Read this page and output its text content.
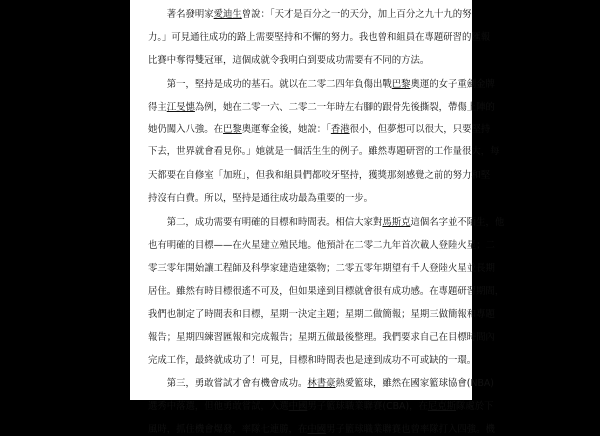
　　著名發明家愛迪生曾說：「天才是百分之一的天分，加上百分之九十九的努
力。」可見通往成功的路上需要堅持和不懈的努力。我也曾和組員在專題研習的匯報
比賽中奪得雙冠軍，這個成就令我明白到要成功需要有不同的方法。
　　第一，堅持是成功的基石。就以在二零二四年負傷出戰巴黎奧運的女子重劍金牌
得主江旻憓為例，她在二零一六、二零二一年時左右腳的跟骨先後撕裂，帶傷上陣的
她仍闖入八強。在巴黎奧運奪金後，她說：「香港很小，但夢想可以很大，只要堅持
下去，世界就會看見你。」她就是一個活生生的例子。雖然專題研習的工作量很大，每
天都要在自修室「加班」，但我和組員們都咬牙堅持，獲獎那刻感覺之前的努力和堅
持沒有白費。所以，堅持是通往成功最為重要的一步。
　　第二，成功需要有明確的目標和時間表。相信大家對馬斯克這個名字並不陌生，他
也有明確的目標——在火星建立殖民地。他預計在二零二九年首次載人登陸火星；二
零三零年開始讓工程師及科學家建造建築物；二零五零年期望有千人登陸火星並長期
居住。雖然有時目標很遙不可及，但如果達到目標就會很有成功感。在專題研習期間，
我們也制定了時間表和目標，星期一決定主題；星期二做簡報；星期三做簡報和專題
報告；星期四練習匯報和完成報告；星期五做最後整理。我們要求自己在目標時間內
完成工作，最終就成功了！可見，目標和時間表也是達到成功不可或缺的一環。
　　第三，勇敢嘗試才會有機會成功。林書豪熱愛籃球，雖然在國家籃球協會(NBA)
選秀中落選，但他勇敢嘗試，入選中國男子籃球職業聯賽(CBA)，在尼克斯隊處於下
風時，抓住機會爆發，率隊七連勝，在中國男子籃球職業聯賽也曾率隊打入四強。機
